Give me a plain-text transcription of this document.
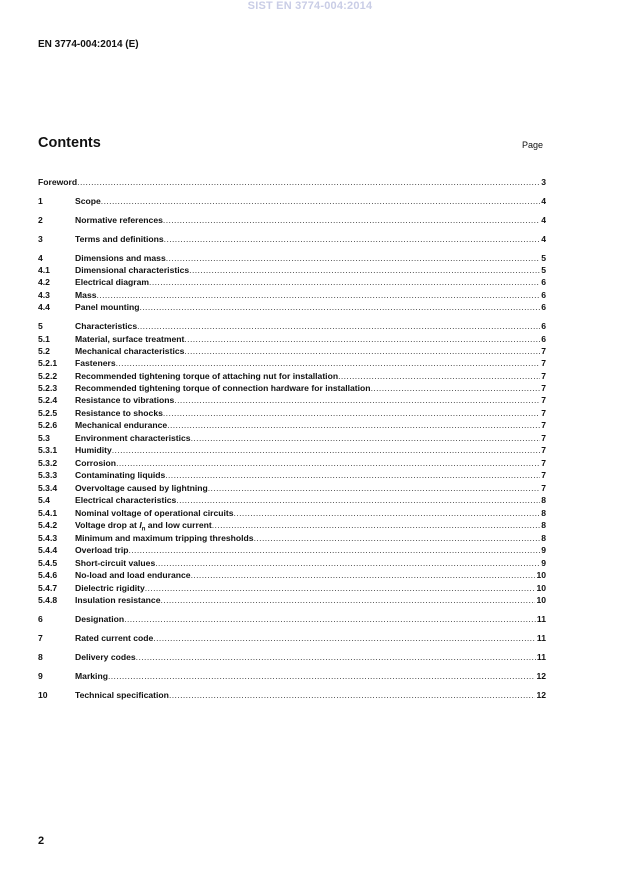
SIST EN 3774-004:2014
EN 3774-004:2014 (E)
Contents	Page
Foreword .....	3
1	Scope .....	4
2	Normative references .....	4
3	Terms and definitions .....	4
4	Dimensions and mass .....	5
4.1	Dimensional characteristics .....	5
4.2	Electrical diagram .....	6
4.3	Mass .....	6
4.4	Panel mounting .....	6
5	Characteristics .....	6
5.1	Material, surface treatment .....	6
5.2	Mechanical characteristics .....	7
5.2.1	Fasteners .....	7
5.2.2	Recommended tightening torque of attaching nut for installation .....	7
5.2.3	Recommended tightening torque of connection hardware for installation .....	7
5.2.4	Resistance to vibrations .....	7
5.2.5	Resistance to shocks .....	7
5.2.6	Mechanical endurance .....	7
5.3	Environment characteristics .....	7
5.3.1	Humidity .....	7
5.3.2	Corrosion .....	7
5.3.3	Contaminating liquids .....	7
5.3.4	Overvoltage caused by lightning .....	7
5.4	Electrical characteristics .....	8
5.4.1	Nominal voltage of operational circuits .....	8
5.4.2	Voltage drop at $I_n$ and low current .....	8
5.4.3	Minimum and maximum tripping thresholds .....	8
5.4.4	Overload trip .....	9
5.4.5	Short-circuit values .....	9
5.4.6	No-load and load endurance .....	10
5.4.7	Dielectric rigidity .....	10
5.4.8	Insulation resistance .....	10
6	Designation .....	11
7	Rated current code .....	11
8	Delivery codes .....	11
9	Marking .....	12
10	Technical specification .....	12
2
